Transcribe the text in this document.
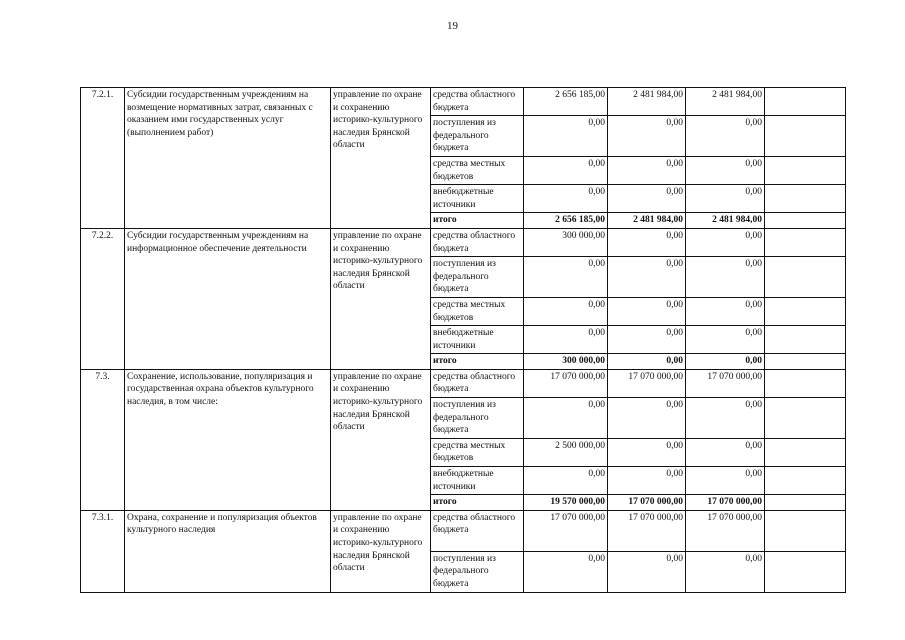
19
7.2.1.	Субсидии государственным учреждениям на возмещение нормативных затрат, связанных с оказанием ими государственных услуг (выполнением работ)	управление по охране и сохранению историко-культурного наследия Брянской области	средства областного бюджета	2 656 185,00	2 481 984,00	2 481 984,00	
			поступления из федерального бюджета	0,00	0,00	0,00	
			средства местных бюджетов	0,00	0,00	0,00	
			внебюджетные источники	0,00	0,00	0,00	
			итого	2 656 185,00	2 481 984,00	2 481 984,00	
7.2.2.	Субсидии государственным учреждениям на информационное обеспечение деятельности	управление по охране и сохранению историко-культурного наследия Брянской области	средства областного бюджета	300 000,00	0,00	0,00	
			поступления из федерального бюджета	0,00	0,00	0,00	
			средства местных бюджетов	0,00	0,00	0,00	
			внебюджетные источники	0,00	0,00	0,00	
			итого	300 000,00	0,00	0,00	
7.3.	Сохранение, использование, популяризация и государственная охрана объектов культурного наследия, в том числе:	управление по охране и сохранению историко-культурного наследия Брянской области	средства областного бюджета	17 070 000,00	17 070 000,00	17 070 000,00	
			поступления из федерального бюджета	0,00	0,00	0,00	
			средства местных бюджетов	2 500 000,00	0,00	0,00	
			внебюджетные источники	0,00	0,00	0,00	
			итого	19 570 000,00	17 070 000,00	17 070 000,00	
7.3.1.	Охрана, сохранение и популяризация объектов культурного наследия	управление по охране и сохранению историко-культурного наследия Брянской области	средства областного бюджета	17 070 000,00	17 070 000,00	17 070 000,00	
			поступления из федерального бюджета	0,00	0,00	0,00	
